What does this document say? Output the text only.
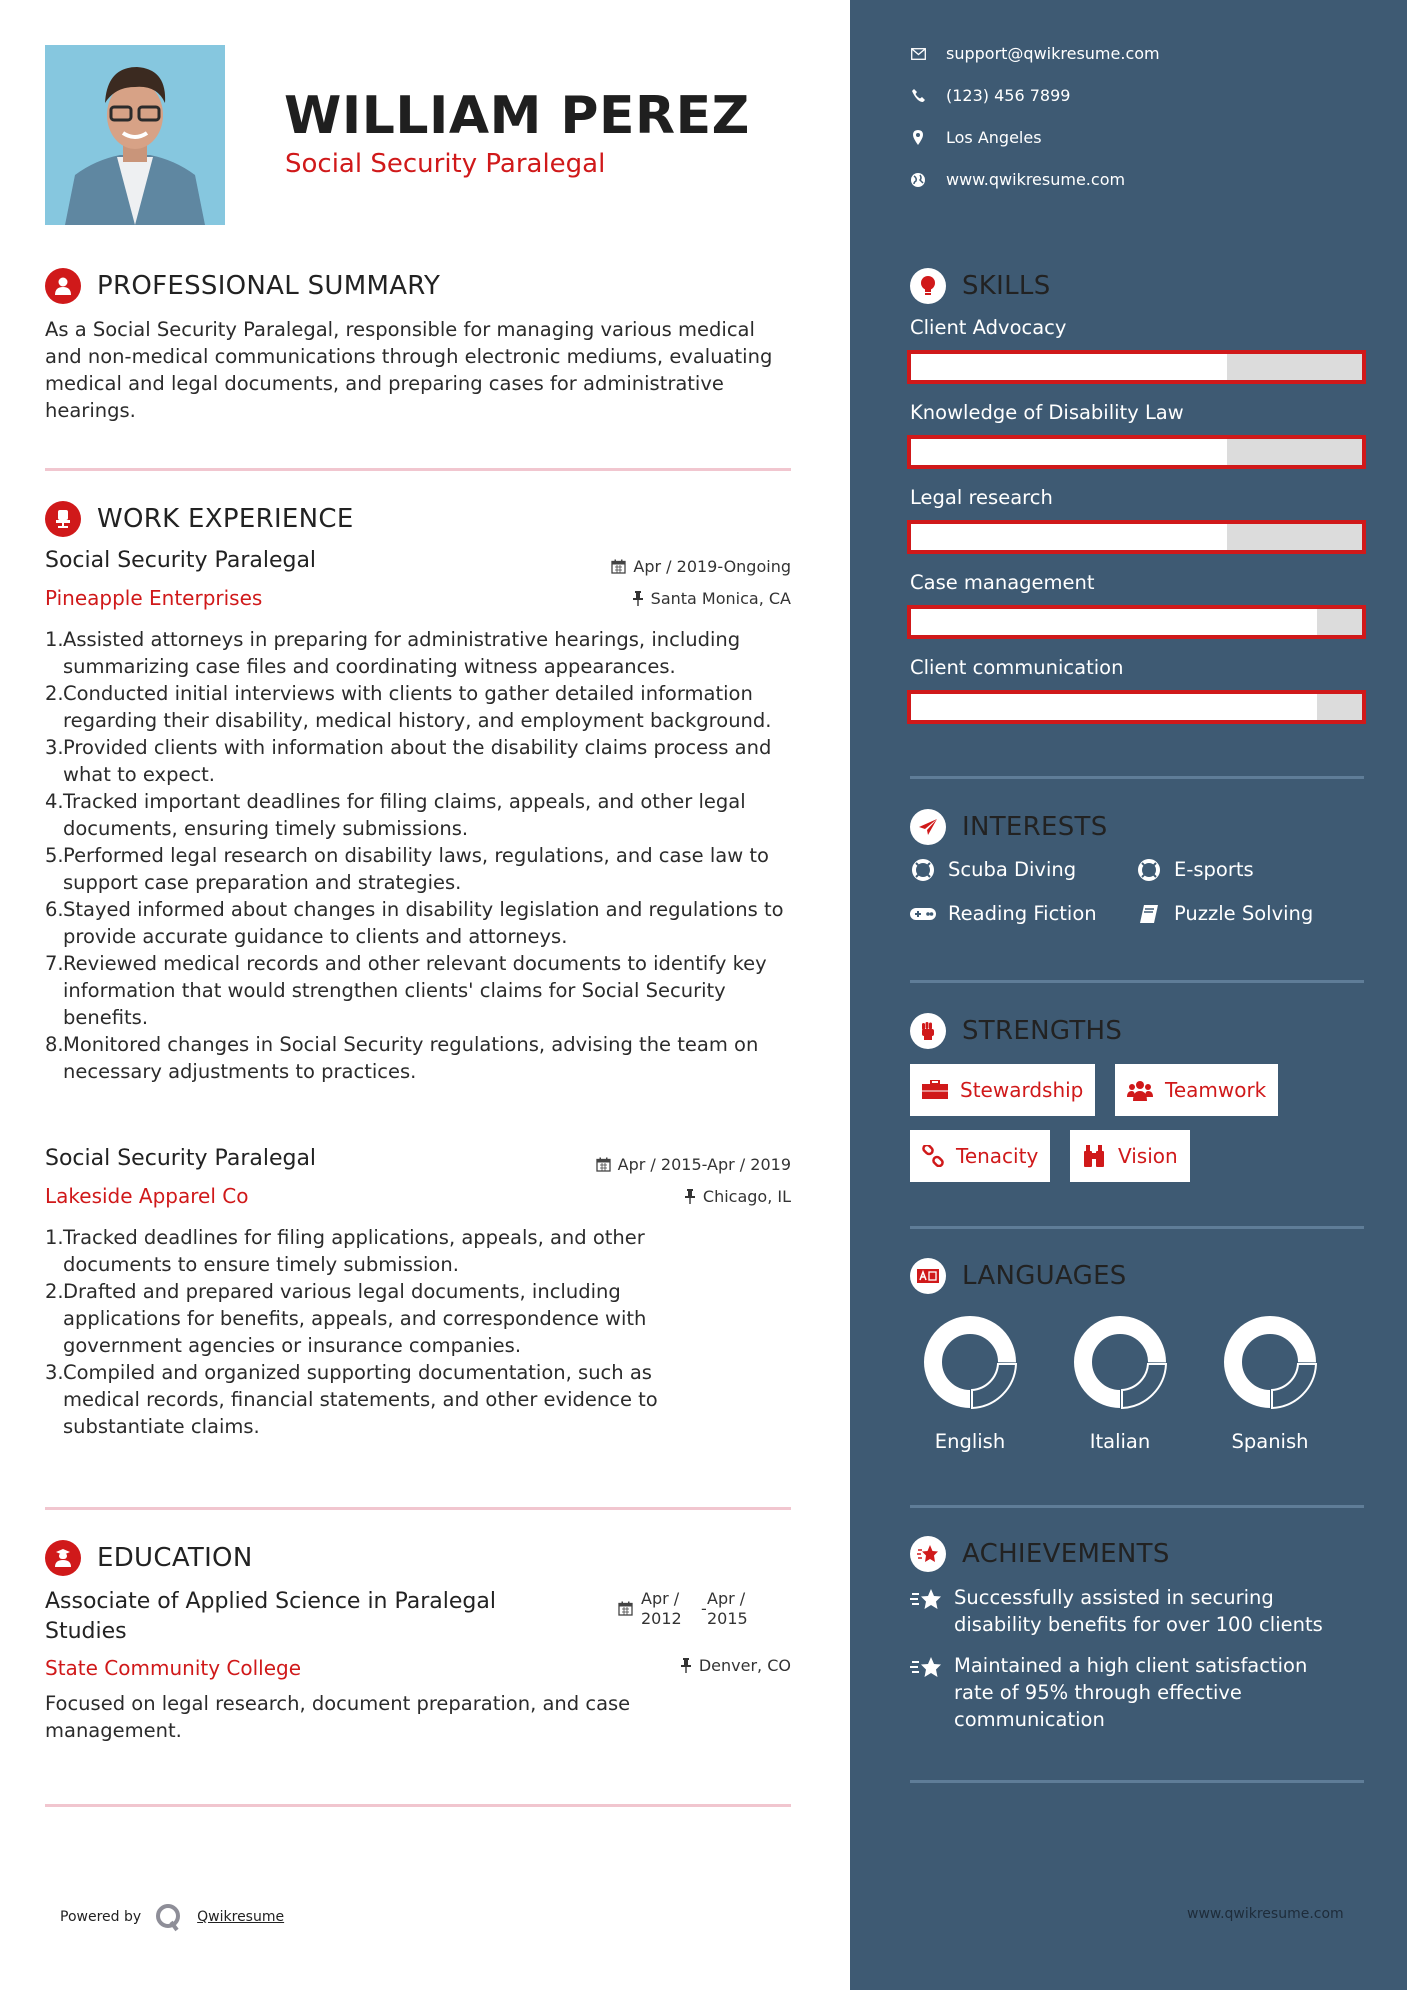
WILLIAM PEREZ
Social Security Paralegal
PROFESSIONAL SUMMARY
As a Social Security Paralegal, responsible for managing various medical and non-medical communications through electronic mediums, evaluating medical and legal documents, and preparing cases for administrative hearings.
WORK EXPERIENCE
Social Security Paralegal	Apr / 2019-Ongoing
Pineapple Enterprises	Santa Monica, CA
1. Assisted attorneys in preparing for administrative hearings, including summarizing case files and coordinating witness appearances.
2. Conducted initial interviews with clients to gather detailed information regarding their disability, medical history, and employment background.
3. Provided clients with information about the disability claims process and what to expect.
4. Tracked important deadlines for filing claims, appeals, and other legal documents, ensuring timely submissions.
5. Performed legal research on disability laws, regulations, and case law to support case preparation and strategies.
6. Stayed informed about changes in disability legislation and regulations to provide accurate guidance to clients and attorneys.
7. Reviewed medical records and other relevant documents to identify key information that would strengthen clients' claims for Social Security benefits.
8. Monitored changes in Social Security regulations, advising the team on necessary adjustments to practices.
Social Security Paralegal	Apr / 2015-Apr / 2019
Lakeside Apparel Co	Chicago, IL
1. Tracked deadlines for filing applications, appeals, and other documents to ensure timely submission.
2. Drafted and prepared various legal documents, including applications for benefits, appeals, and correspondence with government agencies or insurance companies.
3. Compiled and organized supporting documentation, such as medical records, financial statements, and other evidence to substantiate claims.
EDUCATION
Associate of Applied Science in Paralegal
Studies
Apr /
2012
-
Apr /
2015
State Community College	Denver, CO
Focused on legal research, document preparation, and case management.
Powered by	Qwikresume
support@qwikresume.com
(123) 456 7899
Los Angeles
www.qwikresume.com
SKILLS
Client Advocacy
Knowledge of Disability Law
Legal research
Case management
Client communication
INTERESTS
Scuba Diving	E-sports
Reading Fiction	Puzzle Solving
STRENGTHS
Stewardship	Teamwork
Tenacity	Vision
LANGUAGES
English	Italian	Spanish
ACHIEVEMENTS
Successfully assisted in securing disability benefits for over 100 clients
Maintained a high client satisfaction rate of 95% through effective communication
www.qwikresume.com
